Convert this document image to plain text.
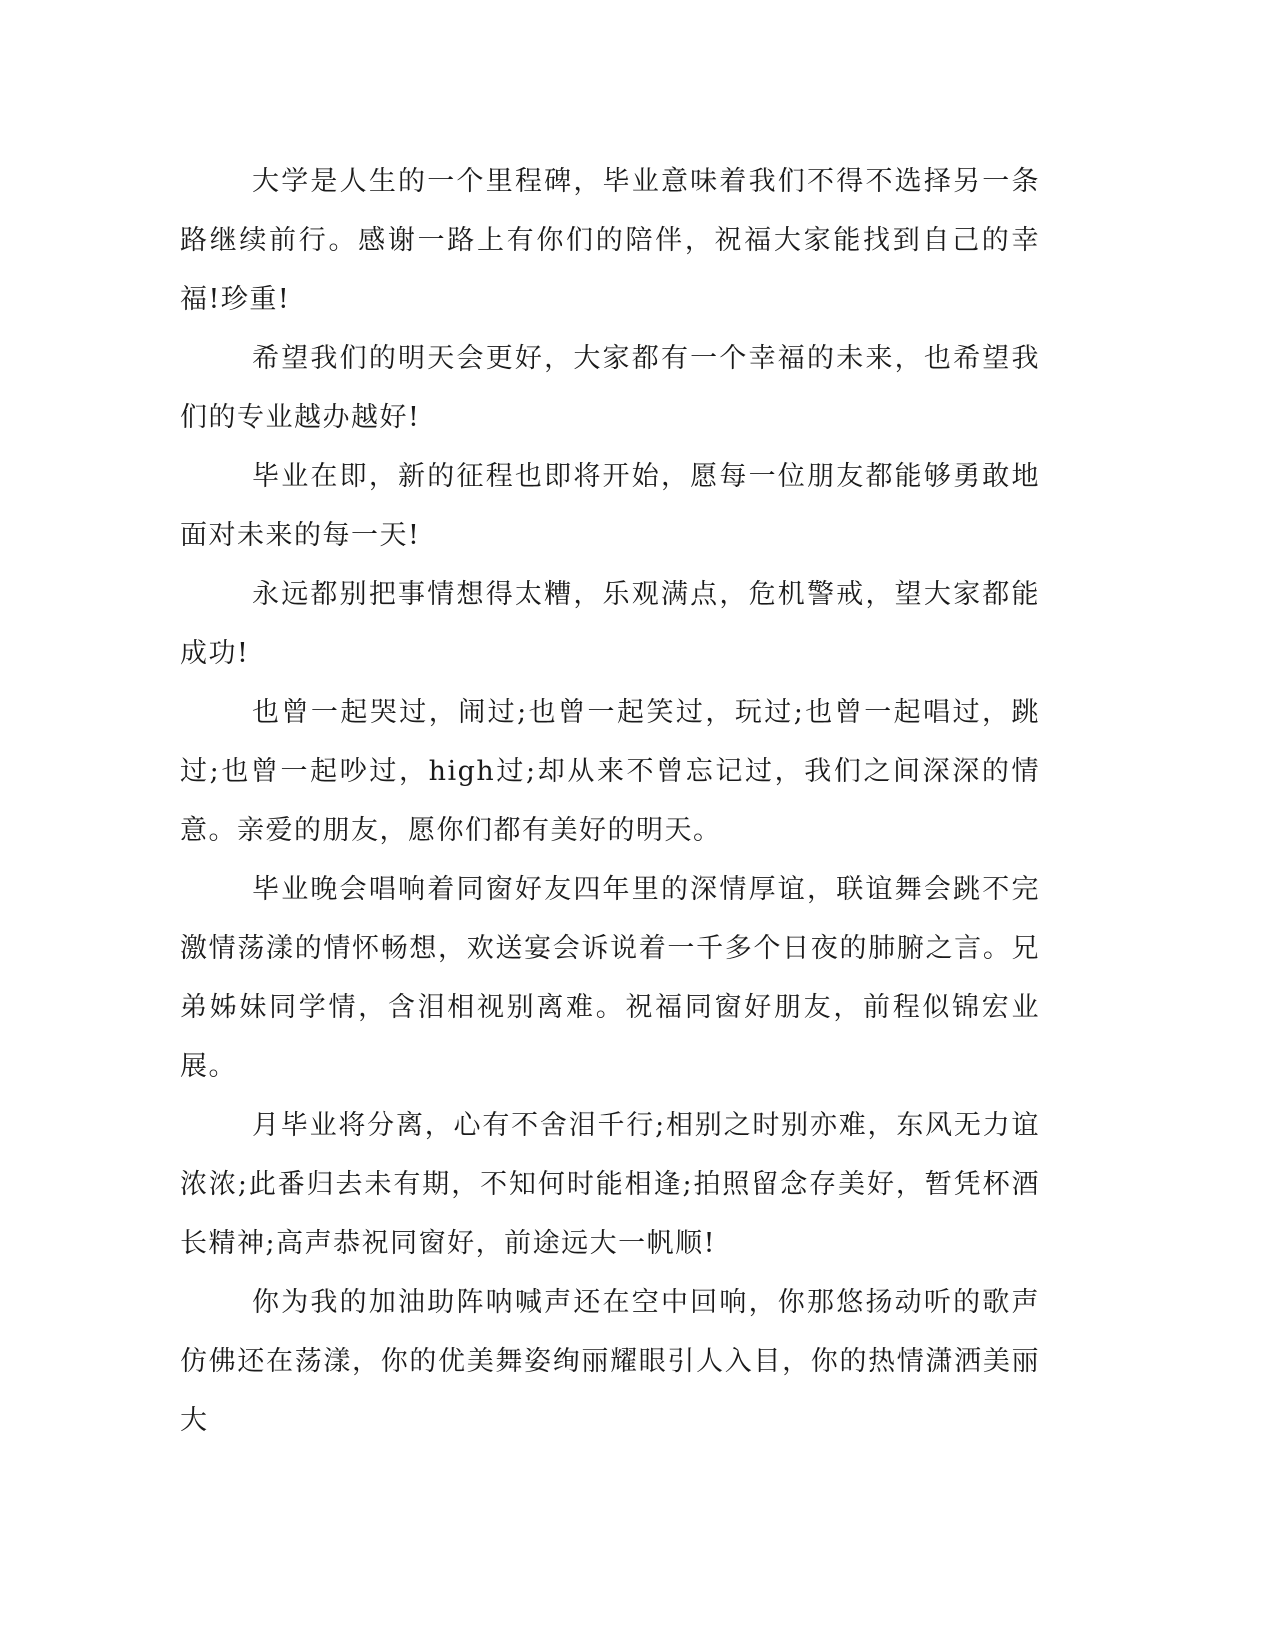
大学是人生的一个里程碑，毕业意味着我们不得不选择另一条路继续前行。感谢一路上有你们的陪伴，祝福大家能找到自己的幸福!珍重!

希望我们的明天会更好，大家都有一个幸福的未来，也希望我们的专业越办越好!

毕业在即，新的征程也即将开始，愿每一位朋友都能够勇敢地面对未来的每一天!

永远都别把事情想得太糟，乐观满点，危机警戒，望大家都能成功!

也曾一起哭过，闹过;也曾一起笑过，玩过;也曾一起唱过，跳过;也曾一起吵过，high过;却从来不曾忘记过，我们之间深深的情意。亲爱的朋友，愿你们都有美好的明天。

毕业晚会唱响着同窗好友四年里的深情厚谊，联谊舞会跳不完激情荡漾的情怀畅想，欢送宴会诉说着一千多个日夜的肺腑之言。兄弟姊妹同学情，含泪相视别离难。祝福同窗好朋友，前程似锦宏业展。

月毕业将分离，心有不舍泪千行;相别之时别亦难，东风无力谊浓浓;此番归去未有期，不知何时能相逢;拍照留念存美好，暂凭杯酒长精神;高声恭祝同窗好，前途远大一帆顺!

你为我的加油助阵呐喊声还在空中回响，你那悠扬动听的歌声仿佛还在荡漾，你的优美舞姿绚丽耀眼引人入目，你的热情潇洒美丽大
